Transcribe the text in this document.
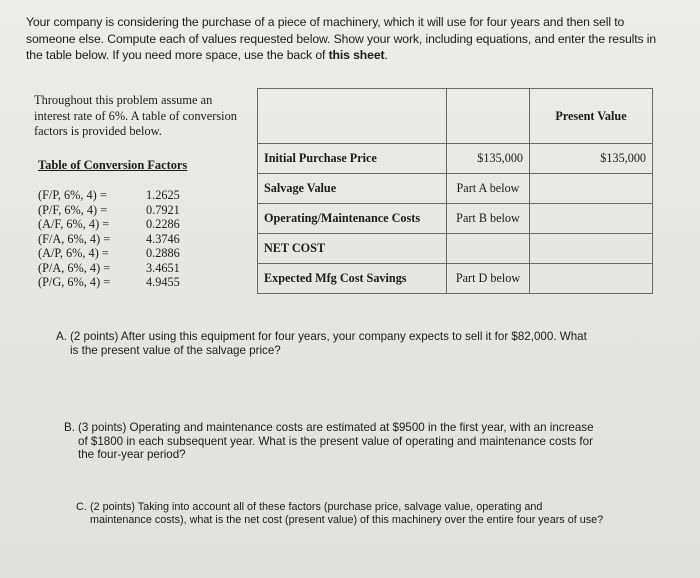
Your company is considering the purchase of a piece of machinery, which it will use for four years and then sell to someone else. Compute each of values requested below. Show your work, including equations, and enter the results in the table below. If you need more space, use the back of this sheet.
Throughout this problem assume an interest rate of 6%. A table of conversion factors is provided below.
Table of Conversion Factors
(F/P, 6%, 4) =	1.2625
(P/F, 6%, 4) =	0.7921
(A/F, 6%, 4) =	0.2286
(F/A, 6%, 4) =	4.3746
(A/P, 6%, 4) =	0.2886
(P/A, 6%, 4) =	3.4651
(P/G, 6%, 4) =	4.9455
		Present Value
Initial Purchase Price	$135,000	$135,000
Salvage Value	Part A below	
Operating/Maintenance Costs	Part B below	
NET COST		
Expected Mfg Cost Savings	Part D below	
A. (2 points) After using this equipment for four years, your company expects to sell it for $82,000. What is the present value of the salvage price?
B. (3 points) Operating and maintenance costs are estimated at $9500 in the first year, with an increase of $1800 in each subsequent year. What is the present value of operating and maintenance costs for the four-year period?
C. (2 points) Taking into account all of these factors (purchase price, salvage value, operating and maintenance costs), what is the net cost (present value) of this machinery over the entire four years of use?
